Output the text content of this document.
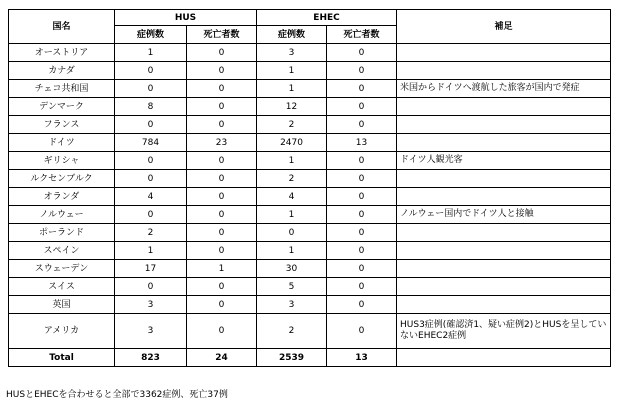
国名	HUS		EHEC		補足
	症例数	死亡者数	症例数	死亡者数	
オーストリア	1	0	3	0	
カナダ	0	0	1	0	
チェコ共和国	0	0	1	0	米国からドイツへ渡航した旅客が国内で発症
デンマーク	8	0	12	0	
フランス	0	0	2	0	
ドイツ	784	23	2470	13	
ギリシャ	0	0	1	0	ドイツ人観光客
ルクセンブルク	0	0	2	0	
オランダ	4	0	4	0	
ノルウェー	0	0	1	0	ノルウェー国内でドイツ人と接触
ポーランド	2	0	0	0	
スペイン	1	0	1	0	
スウェーデン	17	1	30	0	
スイス	0	0	5	0	
英国	3	0	3	0	
アメリカ	3	0	2	0	HUS3症例(確認済1、疑い症例2)とHUSを呈していないEHEC2症例
Total	823	24	2539	13	
HUSとEHECを合わせると全部で3362症例、死亡37例
